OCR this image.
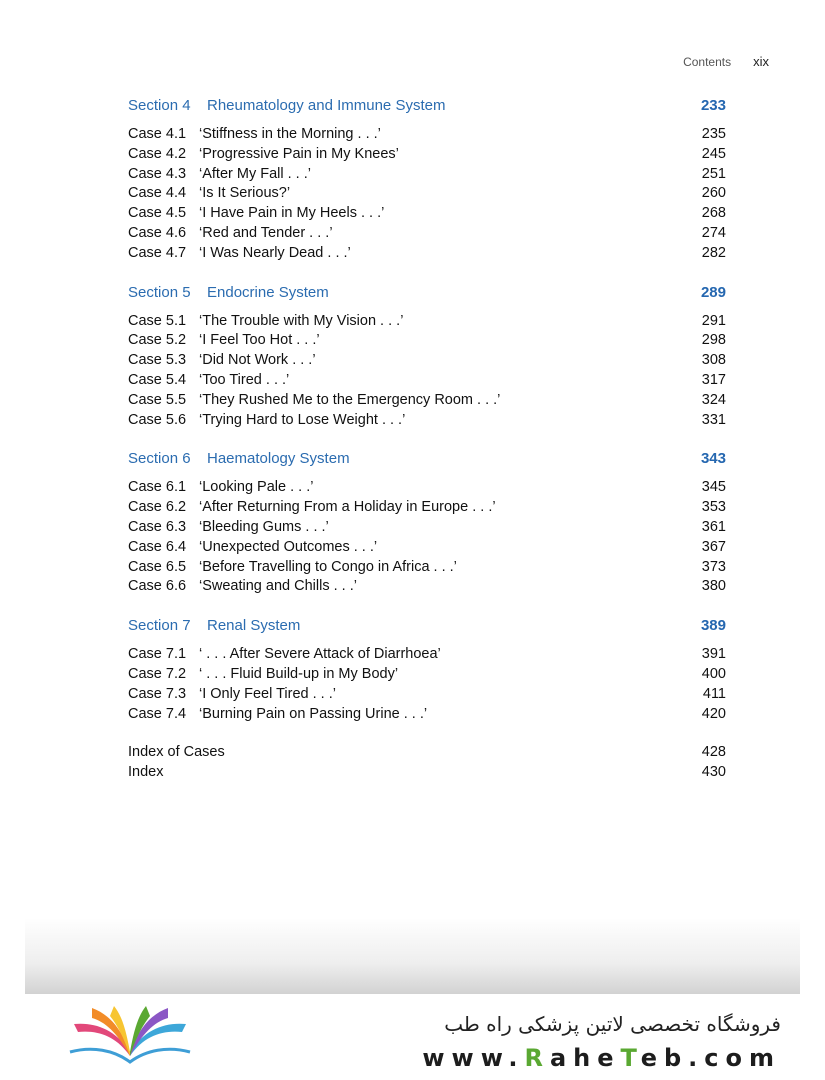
Contents xix
Section 4 Rheumatology and Immune System	233
Case 4.1 ‘Stiffness in the Morning . . .’	235
Case 4.2 ‘Progressive Pain in My Knees’	245
Case 4.3 ‘After My Fall . . .’	251
Case 4.4 ‘Is It Serious?’	260
Case 4.5 ‘I Have Pain in My Heels . . .’	268
Case 4.6 ‘Red and Tender . . .’	274
Case 4.7 ‘I Was Nearly Dead . . .’	282
Section 5 Endocrine System	289
Case 5.1 ‘The Trouble with My Vision . . .’	291
Case 5.2 ‘I Feel Too Hot . . .’	298
Case 5.3 ‘Did Not Work . . .’	308
Case 5.4 ‘Too Tired . . .’	317
Case 5.5 ‘They Rushed Me to the Emergency Room . . .’	324
Case 5.6 ‘Trying Hard to Lose Weight . . .’	331
Section 6 Haematology System	343
Case 6.1 ‘Looking Pale . . .’	345
Case 6.2 ‘After Returning From a Holiday in Europe . . .’	353
Case 6.3 ‘Bleeding Gums . . .’	361
Case 6.4 ‘Unexpected Outcomes . . .’	367
Case 6.5 ‘Before Travelling to Congo in Africa . . .’	373
Case 6.6 ‘Sweating and Chills . . .’	380
Section 7 Renal System	389
Case 7.1 ‘ . . . After Severe Attack of Diarrhoea’	391
Case 7.2 ‘ . . . Fluid Build-up in My Body’	400
Case 7.3 ‘I Only Feel Tired . . .’	411
Case 7.4 ‘Burning Pain on Passing Urine . . .’	420
Index of Cases	428
Index	430
فروشگاه تخصصی لاتین پزشکی راه طب
www.RaheTeb.com
